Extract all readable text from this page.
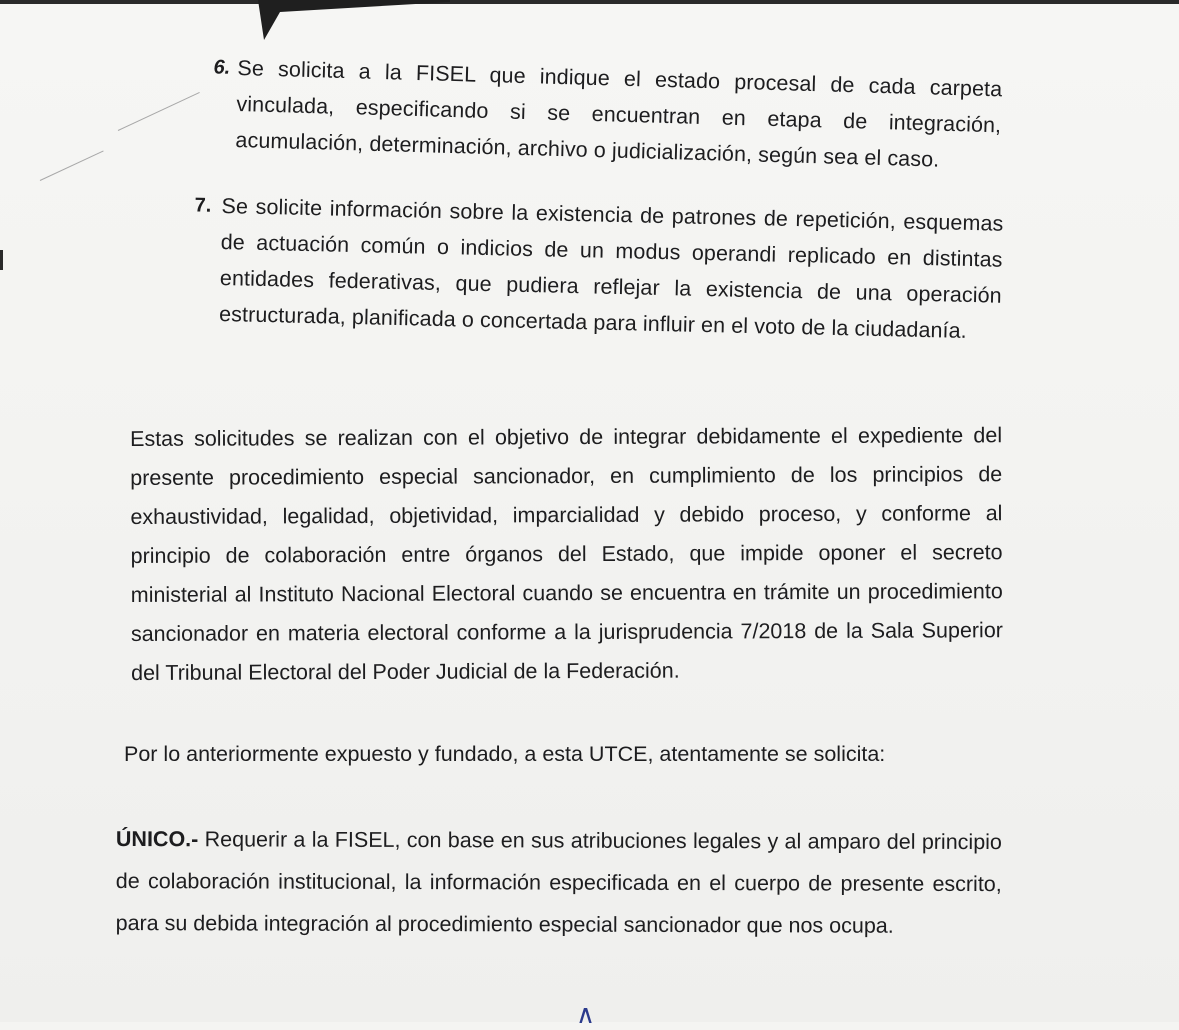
6. Se solicita a la FISEL que indique el estado procesal de cada carpeta vinculada, especificando si se encuentran en etapa de integración, acumulación, determinación, archivo o judicialización, según sea el caso.

7. Se solicite información sobre la existencia de patrones de repetición, esquemas de actuación común o indicios de un modus operandi replicado en distintas entidades federativas, que pudiera reflejar la existencia de una operación estructurada, planificada o concertada para influir en el voto de la ciudadanía.

Estas solicitudes se realizan con el objetivo de integrar debidamente el expediente del presente procedimiento especial sancionador, en cumplimiento de los principios de exhaustividad, legalidad, objetividad, imparcialidad y debido proceso, y conforme al principio de colaboración entre órganos del Estado, que impide oponer el secreto ministerial al Instituto Nacional Electoral cuando se encuentra en trámite un procedimiento sancionador en materia electoral conforme a la jurisprudencia 7/2018 de la Sala Superior del Tribunal Electoral del Poder Judicial de la Federación.

Por lo anteriormente expuesto y fundado, a esta UTCE, atentamente se solicita:

ÚNICO.- Requerir a la FISEL, con base en sus atribuciones legales y al amparo del principio de colaboración institucional, la información especificada en el cuerpo de presente escrito, para su debida integración al procedimiento especial sancionador que nos ocupa.

∧
